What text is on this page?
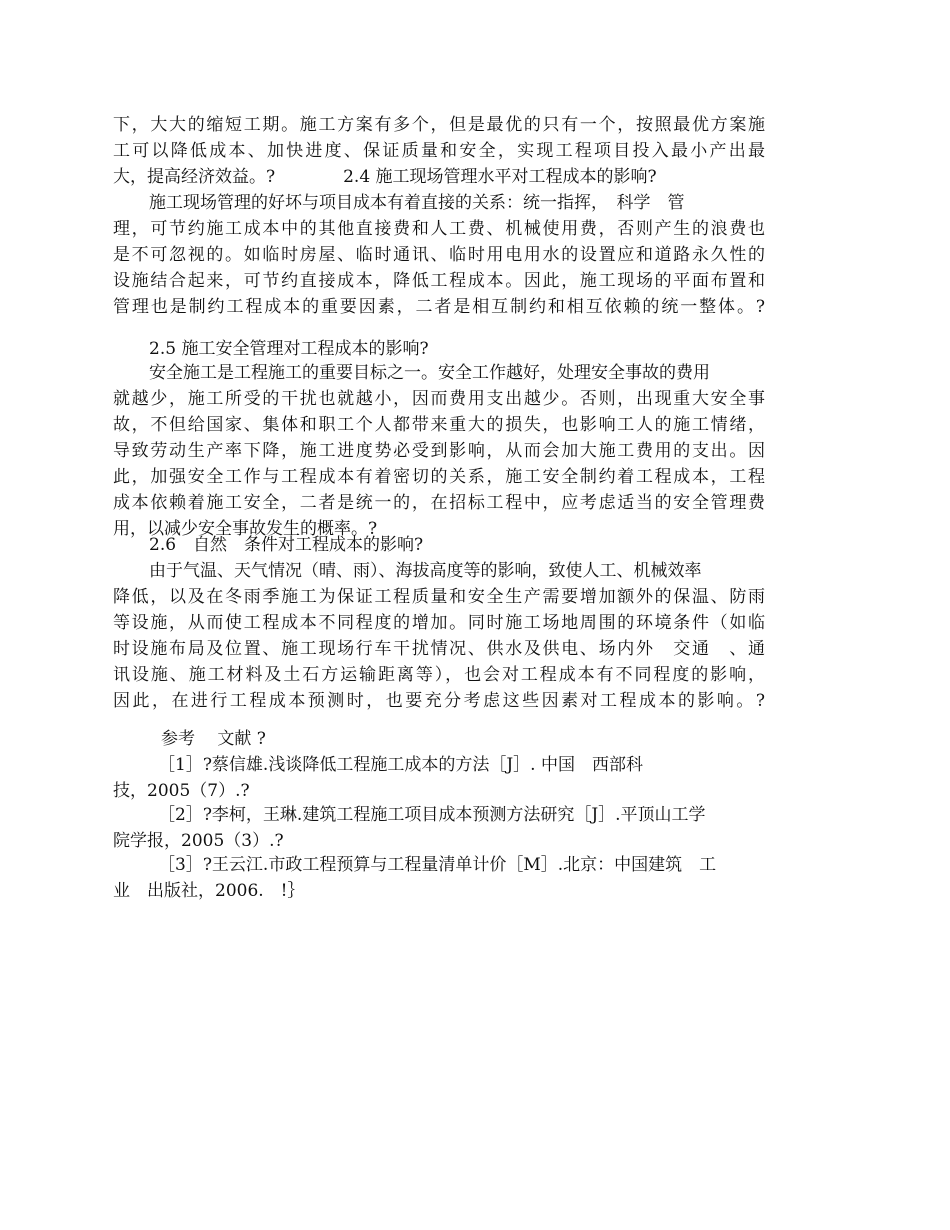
下，大大的缩短工期。施工方案有多个，但是最优的只有一个，按照最优方案施
工可以降低成本、加快进度、保证质量和安全，实现工程项目投入最小产出最
大，提高经济效益。?　　　　2.4 施工现场管理水平对工程成本的影响?
施工现场管理的好坏与项目成本有着直接的关系：统一指挥，　科学　管
理，可节约施工成本中的其他直接费和人工费、机械使用费，否则产生的浪费也
是不可忽视的。如临时房屋、临时通讯、临时用电用水的设置应和道路永久性的
设施结合起来，可节约直接成本，降低工程成本。因此，施工现场的平面布置和
管理也是制约工程成本的重要因素，二者是相互制约和相互依赖的统一整体。?
2.5 施工安全管理对工程成本的影响?
安全施工是工程施工的重要目标之一。安全工作越好，处理安全事故的费用
就越少，施工所受的干扰也就越小，因而费用支出越少。否则，出现重大安全事
故，不但给国家、集体和职工个人都带来重大的损失，也影响工人的施工情绪，
导致劳动生产率下降，施工进度势必受到影响，从而会加大施工费用的支出。因
此，加强安全工作与工程成本有着密切的关系，施工安全制约着工程成本，工程
成本依赖着施工安全，二者是统一的，在招标工程中，应考虑适当的安全管理费
用，以减少安全事故发生的概率。?
2.6　自然　条件对工程成本的影响?
由于气温、天气情况（晴、雨）、海拔高度等的影响，致使人工、机械效率
降低，以及在冬雨季施工为保证工程质量和安全生产需要增加额外的保温、防雨
等设施，从而使工程成本不同程度的增加。同时施工场地周围的环境条件（如临
时设施布局及位置、施工现场行车干扰情况、供水及供电、场内外　交通　、通
讯设施、施工材料及土石方运输距离等），也会对工程成本有不同程度的影响，
因此，在进行工程成本预测时，也要充分考虑这些因素对工程成本的影响。?
参考　 文献 ?
［1］?蔡信雄.浅谈降低工程施工成本的方法［J］. 中国　西部科
技，2005（7）.?
［2］?李柯，王琳.建筑工程施工项目成本预测方法研究［J］.平顶山工学
院学报，2005（3）.?
［3］?王云江.市政工程预算与工程量清单计价［M］.北京：中国建筑　工
业　出版社，2006.　!｝
